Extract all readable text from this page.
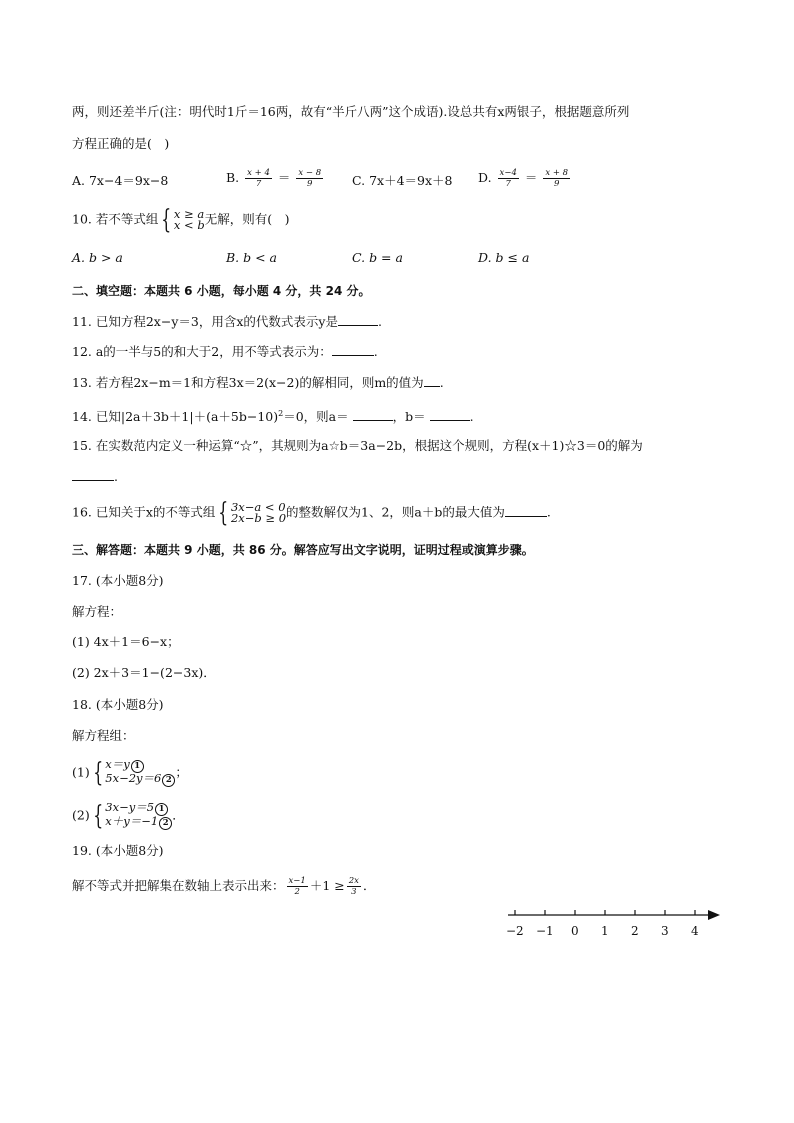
两，则还差半斤(注：明代时1斤＝16两，故有“半斤八两”这个成语).设总共有x两银子，根据题意所列
方程正确的是(　)
A. 7x−4＝9x−8	B. $\frac{x + 4}{7} = \frac{x - 8}{9} C$. 7x＋4＝9x＋8 D. $\frac{x-4}{7} = \frac{x + 8}{9}$
10. 若不等式组 { x ≥ a
x < b 无解，则有(　)
A. b > a	B. b < a	C. b = a	D. b ≤ a
二、填空题：本题共 6 小题，每小题 4 分，共 24 分。
11. 已知方程2x−y＝3，用含x的代数式表示y是	.
12. a的一半与5的和大于2，用不等式表示为：	.
13. 若方程2x−m＝1和方程3x＝2(x−2)的解相同，则m的值为 .
14. 已知$|2a+3b+1|+(a+5b-10)^2=0$，则a＝	，b＝	.
15. 在实数范内定义一种运算“☆”，其规则为a☆b＝3a−2b，根据这个规则，方程(x＋1)☆3＝0的解为
.
16. 已知关于x的不等式组 { 3x−a < 0
2x−b ≥ 0 的整数解仅为1、2，则a＋b的最大值为	.
三、解答题：本题共 9 小题，共 86 分。解答应写出文字说明，证明过程或演算步骤。
17. (本小题8分)
解方程：
(1) 4x＋1＝6−x；
(2) 2x＋3＝1−(2−3x)．
18. (本小题8分)
解方程组：
(1) { x＝y 1
5x−2y＝6 2
；
(2) { 3x−y＝5 1
x＋y＝−1 2
．
19. (本小题8分)
解不等式并把解集在数轴上表示出来： $\frac{x-1}{2} +1 \ge \frac{2x}{3}$ ．
−2 −1 0 1 2 3 4
